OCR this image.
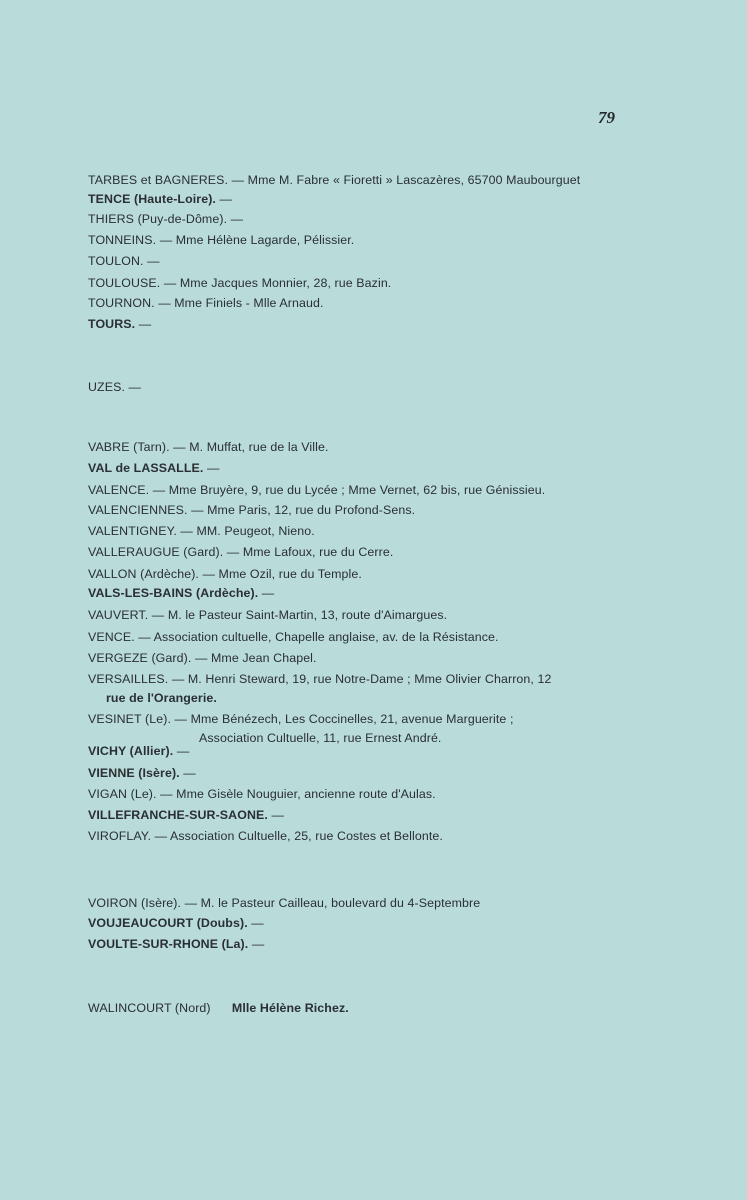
79
TARBES et BAGNERES. — Mme M. Fabre « Fioretti » Lascazères, 65700 Maubourguet
TENCE (Haute-Loire). —
THIERS (Puy-de-Dôme). —
TONNEINS. — Mme Hélène Lagarde, Pélissier.
TOULON. —
TOULOUSE. — Mme Jacques Monnier, 28, rue Bazin.
TOURNON. — Mme Finiels - Mlle Arnaud.
TOURS. —
UZES. —
VABRE (Tarn). — M. Muffat, rue de la Ville.
VAL de LASSALLE. —
VALENCE. — Mme Bruyère, 9, rue du Lycée ; Mme Vernet, 62 bis, rue Génissieu.
VALENCIENNES. — Mme Paris, 12, rue du Profond-Sens.
VALENTIGNEY. — MM. Peugeot, Nieno.
VALLERAUGUE (Gard). — Mme Lafoux, rue du Cerre.
VALLON (Ardèche). — Mme Ozil, rue du Temple.
VALS-LES-BAINS (Ardèche). —
VAUVERT. — M. le Pasteur Saint-Martin, 13, route d'Aimargues.
VENCE. — Association cultuelle, Chapelle anglaise, av. de la Résistance.
VERGEZE (Gard). — Mme Jean Chapel.
VERSAILLES. — M. Henri Steward, 19, rue Notre-Dame ; Mme Olivier Charron, 12
rue de l'Orangerie.
VESINET (Le). — Mme Bénézech, Les Coccinelles, 21, avenue Marguerite ;
Association Cultuelle, 11, rue Ernest André.
VICHY (Allier). —
VIENNE (Isère). —
VIGAN (Le). — Mme Gisèle Nouguier, ancienne route d'Aulas.
VILLEFRANCHE-SUR-SAONE. —
VIROFLAY. — Association Cultuelle, 25, rue Costes et Bellonte.
VOIRON (Isère). — M. le Pasteur Cailleau, boulevard du 4-Septembre
VOUJEAUCOURT (Doubs). —
VOULTE-SUR-RHONE (La). —
WALINCOURT (Nord)      Mlle Hélène Richez.
